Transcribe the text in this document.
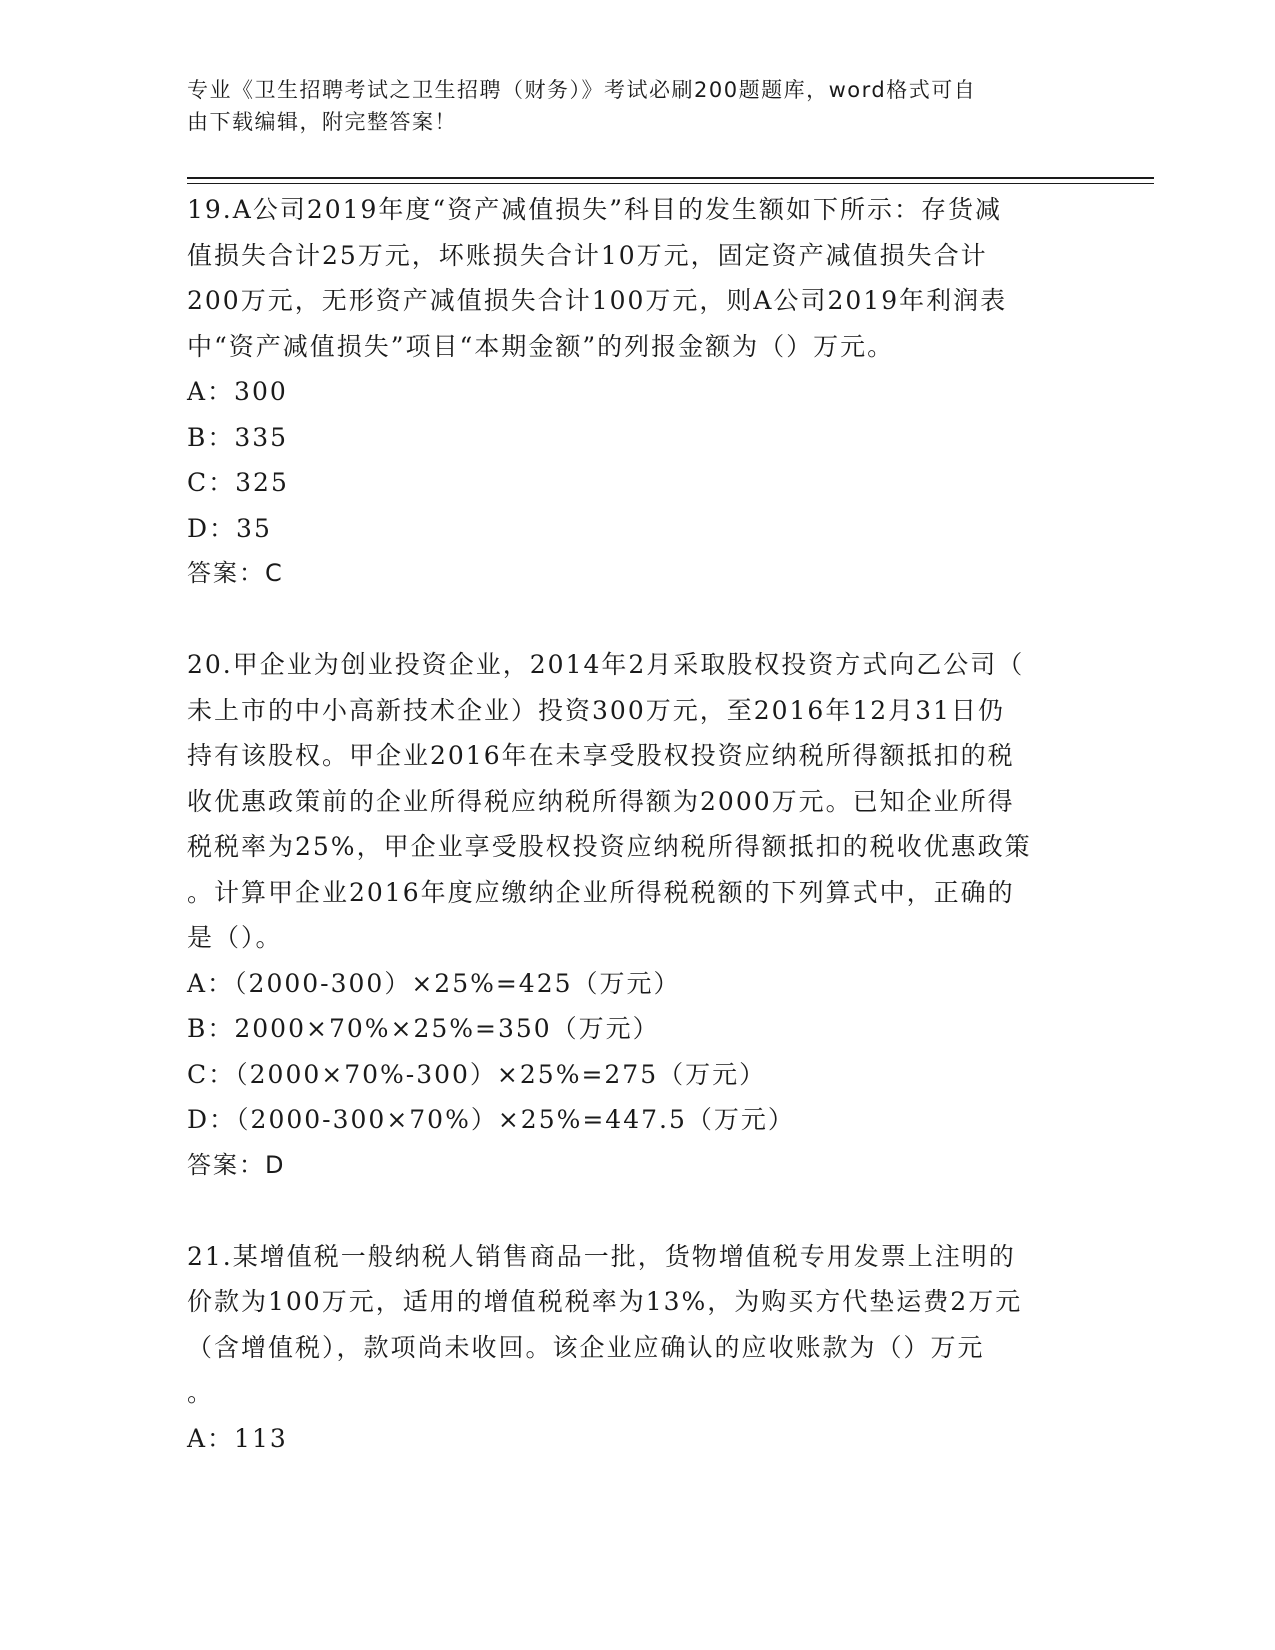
专业《卫生招聘考试之卫生招聘（财务）》考试必刷200题题库，word格式可自
由下载编辑，附完整答案！

19.A公司2019年度“资产减值损失”科目的发生额如下所示：存货减

值损失合计25万元，坏账损失合计10万元，固定资产减值损失合计

200万元，无形资产减值损失合计100万元，则A公司2019年利润表

中“资产减值损失”项目“本期金额”的列报金额为（）万元。

A：300

B：335

C：325

D：35

答案：C

20.甲企业为创业投资企业，2014年2月采取股权投资方式向乙公司（

未上市的中小高新技术企业）投资300万元，至2016年12月31日仍

持有该股权。甲企业2016年在未享受股权投资应纳税所得额抵扣的税

收优惠政策前的企业所得税应纳税所得额为2000万元。已知企业所得

税税率为25%，甲企业享受股权投资应纳税所得额抵扣的税收优惠政策

。计算甲企业2016年度应缴纳企业所得税税额的下列算式中，正确的

是（）。

A：（2000-300）×25%=425（万元）

B：2000×70%×25%=350（万元）

C：（2000×70%-300）×25%=275（万元）

D：（2000-300×70%）×25%=447.5（万元）

答案：D

21.某增值税一般纳税人销售商品一批，货物增值税专用发票上注明的

价款为100万元，适用的增值税税率为13%，为购买方代垫运费2万元

（含增值税），款项尚未收回。该企业应确认的应收账款为（）万元

。

A：113
